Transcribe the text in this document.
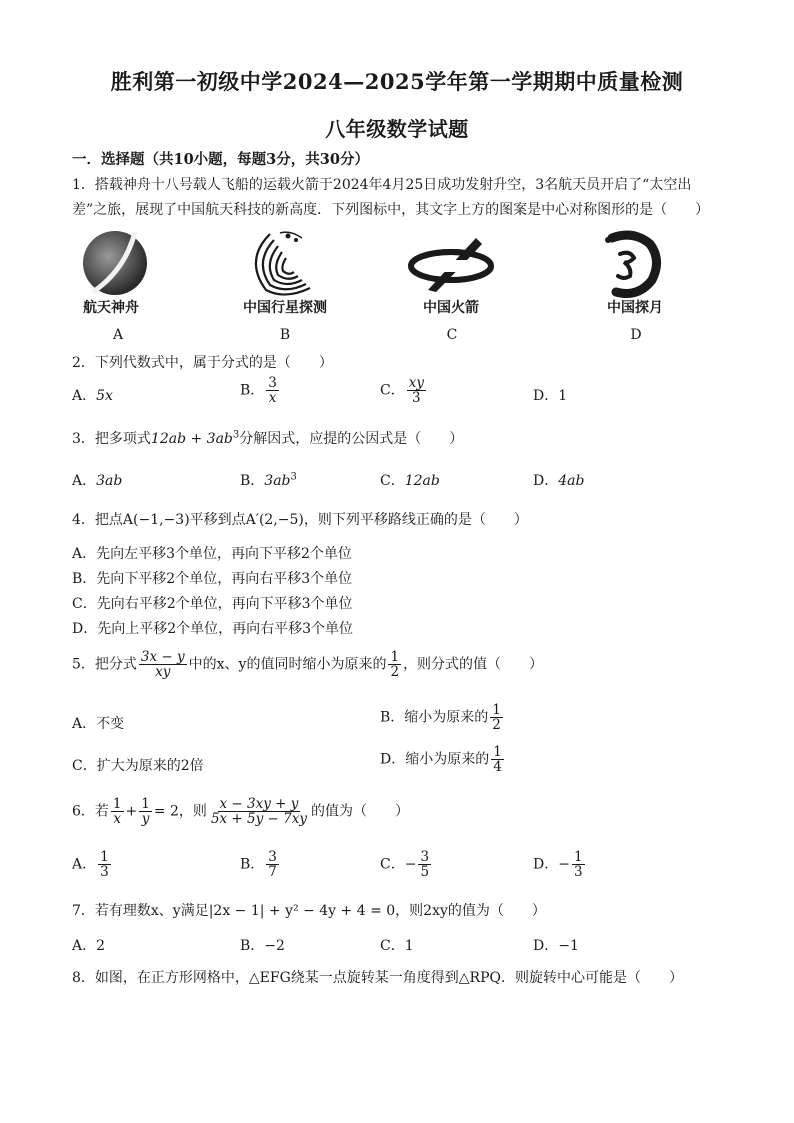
胜利第一初级中学2024—2025学年第一学期期中质量检测
八年级数学试题
一．选择题（共10小题，每题3分，共30分）
1．搭载神舟十八号载人飞船的运载火箭于2024年4月25日成功发射升空，3名航天员开启了“太空出
差”之旅，展现了中国航天科技的新高度．下列图标中，其文字上方的图案是中心对称图形的是（　　）
航天神舟
A
中国行星探测
B
中国火箭
C
中国探月
D
2．下列代数式中，属于分式的是（　　）
A．5x	B． $\frac{3}{x}$	C． $\frac{xy}{3}$	D．1
3．把多项式$12ab + 3ab^3$分解因式，应提的公因式是（　　）
A．3ab	B．$3ab^3$	C．12ab	D．4ab
4．把点A(−1,−3)平移到点A′(2,−5)，则下列平移路线正确的是（　　）
A．先向左平移3个单位，再向下平移2个单位
B．先向下平移2个单位，再向右平移3个单位
C．先向右平移2个单位，再向下平移3个单位
D．先向上平移2个单位，再向右平移3个单位
5．把分式 $\frac{3x - y}{xy}$ 中的x、y的值同时缩小为原来的 $\frac{1}{2}$ ，则分式的值（　　）
A．不变	B．缩小为原来的 $\frac{1}{2}$
C．扩大为原来的2倍	D．缩小为原来的 $\frac{1}{4}$
6．若 $\frac{1}{x} + \frac{1}{y} = 2$，则 $\frac{x - 3xy + y}{5x + 5y - 7xy}$ 的值为（　　）
A． $\frac{1}{3}$	B． $\frac{3}{7}$	C．− $\frac{3}{5}$	D．− $\frac{1}{3}$
7．若有理数x、y满足|2x − 1| + y² − 4y + 4 = 0，则2xy的值为（　　）
A．2	B．−2	C．1	D．−1
8．如图，在正方形网格中，△EFG绕某一点旋转某一角度得到△RPQ．则旋转中心可能是（　　）
